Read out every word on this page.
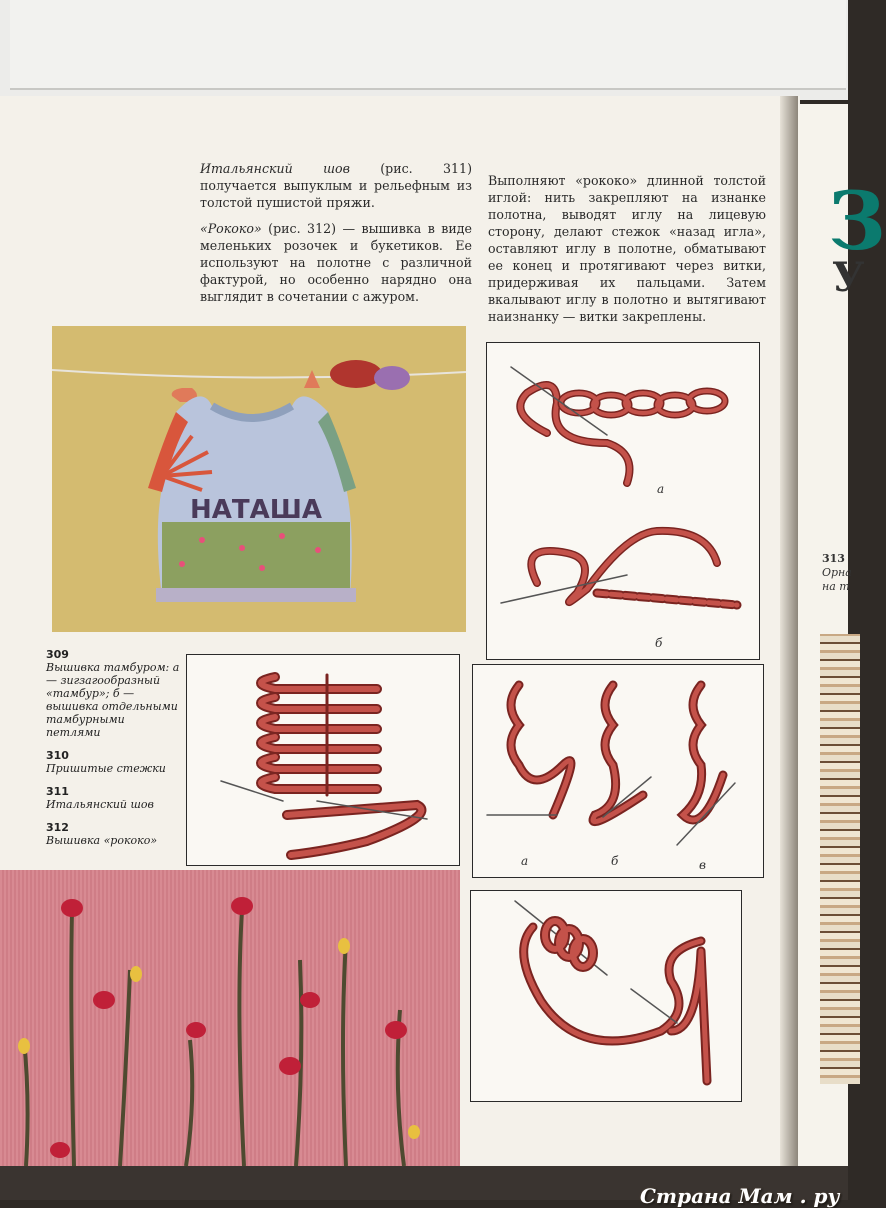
З
У
313
Орна на т

Итальянский шов (рис. 311) получается выпуклым и рельефным из толстой пушистой пряжи.

«Рококо» (рис. 312) — вышивка в виде меленьких розочек и букетиков. Ее используют на полотне с различной фактурой, но особенно нарядно она выглядит в сочетании с ажуром.

Выполняют «рококо» длинной толстой иглой: нить закрепляют на изнанке полотна, выводят иглу на лицевую сторону, делают стежок «назад игла», оставляют иглу в полотне, обматывают ее конец и протягивают через витки, придерживая их пальцами. Затем вкалывают иглу в полотно и вытягивают наизнанку — витки закреплены.

НАТАША
а
б
а	б	в
309
Вышивка тамбуром: а — зигзагообразный «тамбур»; б — вышивка отдельными тамбурными петлями
310
Пришитые стежки
311
Итальянский шов
312
Вышивка «рококо»
Страна Мам . ру
